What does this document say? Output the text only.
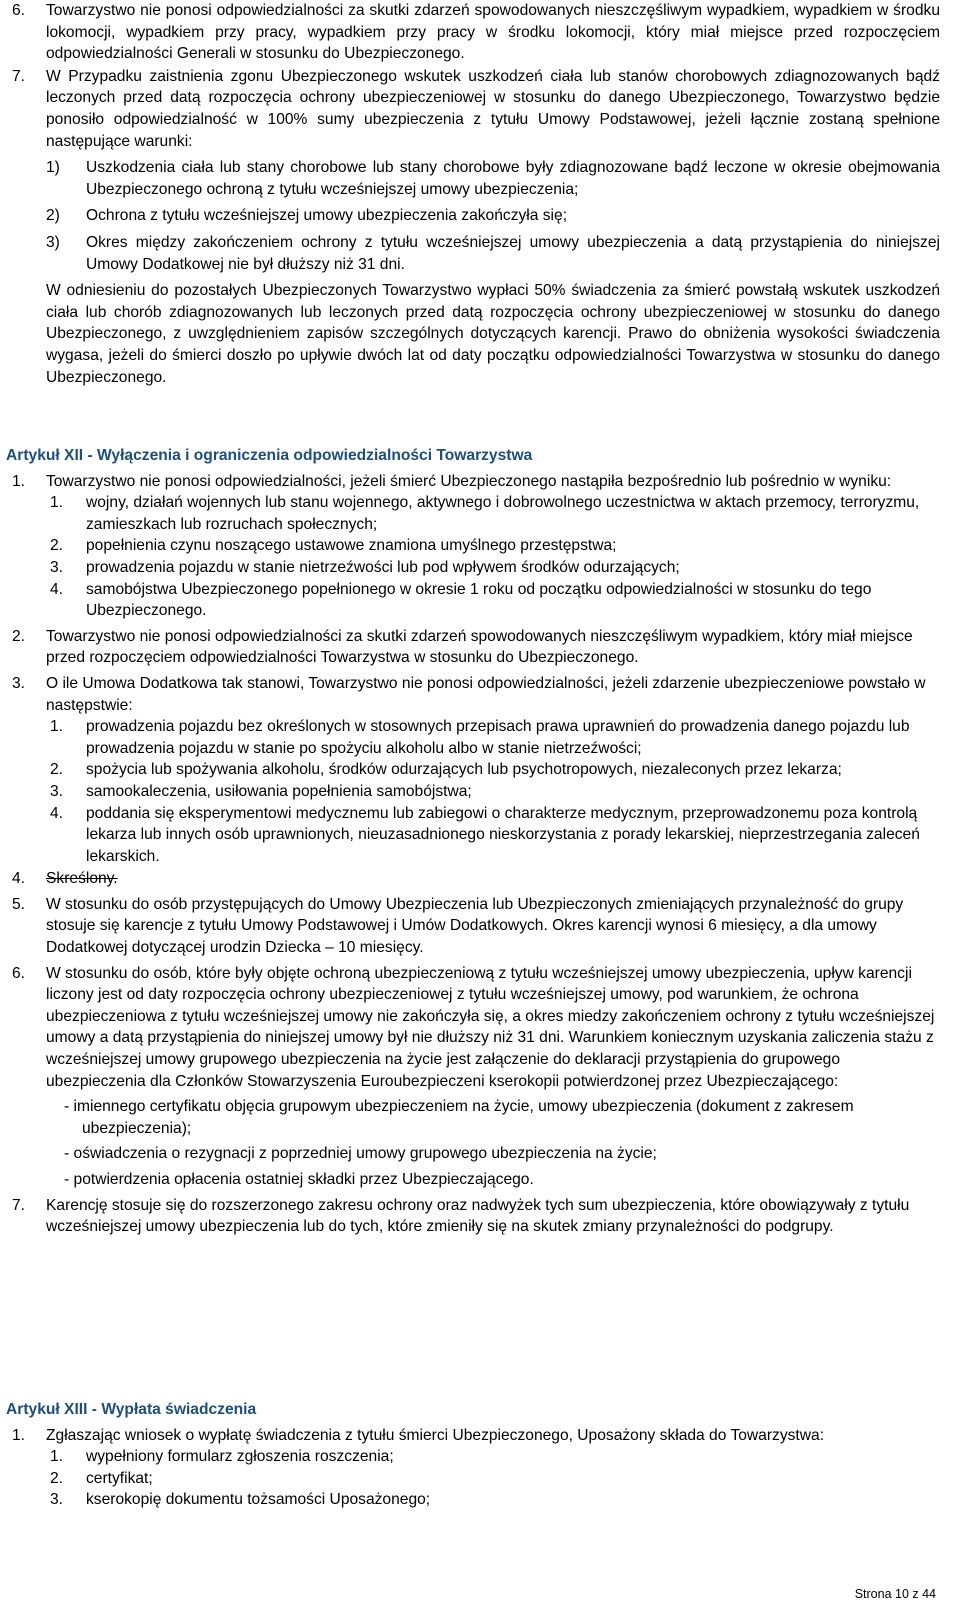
6. Towarzystwo nie ponosi odpowiedzialności za skutki zdarzeń spowodowanych nieszczęśliwym wypadkiem, wypadkiem w środku lokomocji, wypadkiem przy pracy, wypadkiem przy pracy w środku lokomocji, który miał miejsce przed rozpoczęciem odpowiedzialności Generali w stosunku do Ubezpieczonego.
7. W Przypadku zaistnienia zgonu Ubezpieczonego wskutek uszkodzeń ciała lub stanów chorobowych zdiagnozowanych bądź leczonych przed datą rozpoczęcia ochrony ubezpieczeniowej w stosunku do danego Ubezpieczonego, Towarzystwo będzie ponosiło odpowiedzialność w 100% sumy ubezpieczenia z tytułu Umowy Podstawowej, jeżeli łącznie zostaną spełnione następujące warunki:
1) Uszkodzenia ciała lub stany chorobowe lub stany chorobowe były zdiagnozowane bądź leczone w okresie obejmowania Ubezpieczonego ochroną z tytułu wcześniejszej umowy ubezpieczenia;
2) Ochrona z tytułu wcześniejszej umowy ubezpieczenia zakończyła się;
3) Okres między zakończeniem ochrony z tytułu wcześniejszej umowy ubezpieczenia a datą przystąpienia do niniejszej Umowy Dodatkowej nie był dłuższy niż 31 dni.
W odniesieniu do pozostałych Ubezpieczonych Towarzystwo wypłaci 50% świadczenia za śmierć powstałą wskutek uszkodzeń ciała lub chorób zdiagnozowanych lub leczonych przed datą rozpoczęcia ochrony ubezpieczeniowej w stosunku do danego Ubezpieczonego, z uwzględnieniem zapisów szczególnych dotyczących karencji. Prawo do obniżenia wysokości świadczenia wygasa, jeżeli do śmierci doszło po upływie dwóch lat od daty początku odpowiedzialności Towarzystwa w stosunku do danego Ubezpieczonego.
Artykuł XII - Wyłączenia i ograniczenia odpowiedzialności Towarzystwa
1. Towarzystwo nie ponosi odpowiedzialności, jeżeli śmierć Ubezpieczonego nastąpiła bezpośrednio lub pośrednio w wyniku:
1. wojny, działań wojennych lub stanu wojennego, aktywnego i dobrowolnego uczestnictwa w aktach przemocy, terroryzmu, zamieszkach lub rozruchach społecznych;
2. popełnienia czynu noszącego ustawowe znamiona umyślnego przestępstwa;
3. prowadzenia pojazdu w stanie nietrzeźwości lub pod wpływem środków odurzających;
4. samobójstwa Ubezpieczonego popełnionego w okresie 1 roku od początku odpowiedzialności w stosunku do tego Ubezpieczonego.
2. Towarzystwo nie ponosi odpowiedzialności za skutki zdarzeń spowodowanych nieszczęśliwym wypadkiem, który miał miejsce przed rozpoczęciem odpowiedzialności Towarzystwa w stosunku do Ubezpieczonego.
3. O ile Umowa Dodatkowa tak stanowi, Towarzystwo nie ponosi odpowiedzialności, jeżeli zdarzenie ubezpieczeniowe powstało w następstwie:
1. prowadzenia pojazdu bez określonych w stosownych przepisach prawa uprawnień do prowadzenia danego pojazdu lub prowadzenia pojazdu w stanie po spożyciu alkoholu albo w stanie nietrzeźwości;
2. spożycia lub spożywania alkoholu, środków odurzających lub psychotropowych, niezaleconych przez lekarza;
3. samookaleczenia, usiłowania popełnienia samobójstwa;
4. poddania się eksperymentowi medycznemu lub zabiegowi o charakterze medycznym, przeprowadzonemu poza kontrolą lekarza lub innych osób uprawnionych, nieuzasadnionego nieskorzystania z porady lekarskiej, nieprzestrzegania zaleceń lekarskich.
4. Skreślony.
5. W stosunku do osób przystępujących do Umowy Ubezpieczenia lub Ubezpieczonych zmieniających przynależność do grupy stosuje się karencje z tytułu Umowy Podstawowej i Umów Dodatkowych. Okres karencji wynosi 6 miesięcy, a dla umowy Dodatkowej dotyczącej urodzin Dziecka – 10 miesięcy.
6. W stosunku do osób, które były objęte ochroną ubezpieczeniową z tytułu wcześniejszej umowy ubezpieczenia, upływ karencji liczony jest od daty rozpoczęcia ochrony ubezpieczeniowej z tytułu wcześniejszej umowy, pod warunkiem, że ochrona ubezpieczeniowa z tytułu wcześniejszej umowy nie zakończyła się, a okres miedzy zakończeniem ochrony z tytułu wcześniejszej umowy a datą przystąpienia do niniejszej umowy był nie dłuższy niż 31 dni. Warunkiem koniecznym uzyskania zaliczenia stażu z wcześniejszej umowy grupowego ubezpieczenia na życie jest załączenie do deklaracji przystąpienia do grupowego ubezpieczenia dla Członków Stowarzyszenia Euroubezpieczeni kserokopii potwierdzonej przez Ubezpieczającego:
- imiennego certyfikatu objęcia grupowym ubezpieczeniem na życie, umowy ubezpieczenia (dokument z zakresem ubezpieczenia);
- oświadczenia o rezygnacji z poprzedniej umowy grupowego ubezpieczenia na życie;
- potwierdzenia opłacenia ostatniej składki przez Ubezpieczającego.
7. Karencję stosuje się do rozszerzonego zakresu ochrony oraz nadwyżek tych sum ubezpieczenia, które obowiązywały z tytułu wcześniejszej umowy ubezpieczenia lub do tych, które zmieniły się na skutek zmiany przynależności do podgrupy.
Artykuł XIII - Wypłata świadczenia
1. Zgłaszając wniosek o wypłatę świadczenia z tytułu śmierci Ubezpieczonego, Uposażony składa do Towarzystwa:
1. wypełniony formularz zgłoszenia roszczenia;
2. certyfikat;
3. kserokopię dokumentu tożsamości Uposażonego;
Strona 10 z 44
